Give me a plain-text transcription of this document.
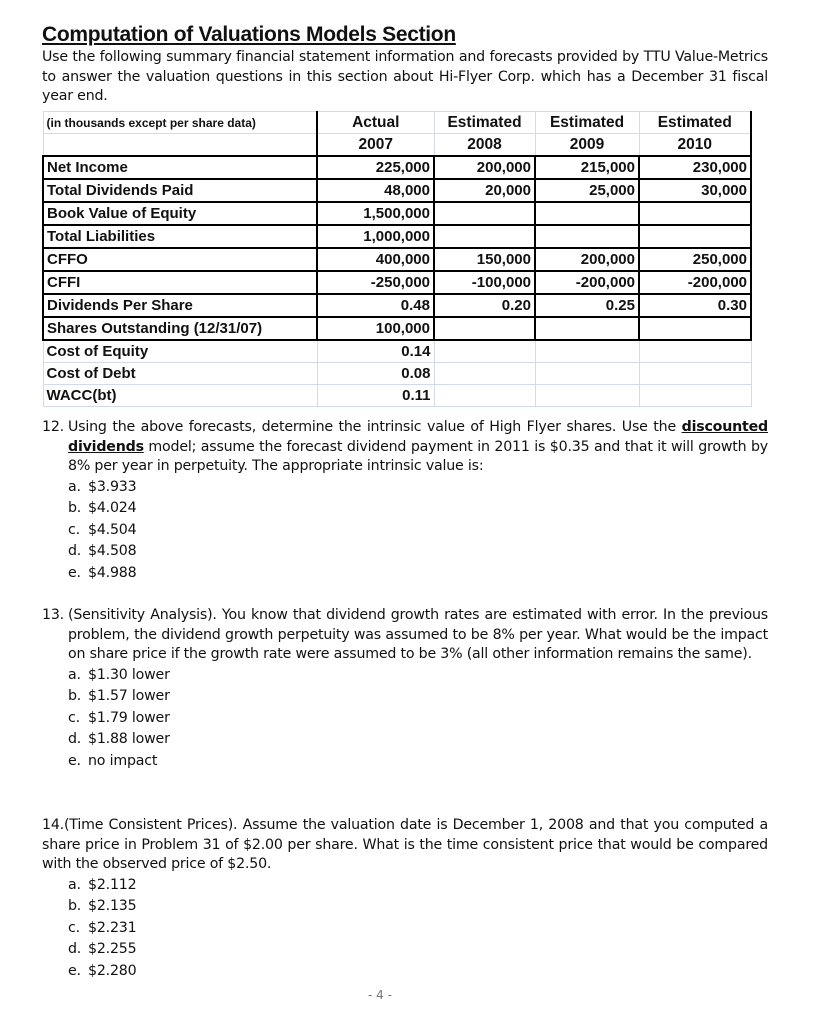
Computation of Valuations Models Section

Use the following summary financial statement information and forecasts provided by TTU Value-Metrics to answer the valuation questions in this section about Hi-Flyer Corp. which has a December 31 fiscal year end.

(in thousands except per share data)	Actual	Estimated	Estimated	Estimated
	2007	2008	2009	2010
Net Income	225,000	200,000	215,000	230,000
Total Dividends Paid	48,000	20,000	25,000	30,000
Book Value of Equity	1,500,000			
Total Liabilities	1,000,000			
CFFO	400,000	150,000	200,000	250,000
CFFI	-250,000	-100,000	-200,000	-200,000
Dividends Per Share	0.48	0.20	0.25	0.30
Shares Outstanding (12/31/07)	100,000			
Cost of Equity	0.14			
Cost of Debt	0.08			
WACC(bt)	0.11			
12. Using the above forecasts, determine the intrinsic value of High Flyer shares. Use the discounted dividends model; assume the forecast dividend payment in 2011 is $0.35 and that it will growth by 8% per year in perpetuity. The appropriate intrinsic value is:
a. $3.933
b. $4.024
c. $4.504
d. $4.508
e. $4.988
13. (Sensitivity Analysis). You know that dividend growth rates are estimated with error. In the previous problem, the dividend growth perpetuity was assumed to be 8% per year. What would be the impact on share price if the growth rate were assumed to be 3% (all other information remains the same).
a. $1.30 lower
b. $1.57 lower
c. $1.79 lower
d. $1.88 lower
e. no impact
14.(Time Consistent Prices). Assume the valuation date is December 1, 2008 and that you computed a share price in Problem 31 of $2.00 per share. What is the time consistent price that would be compared with the observed price of $2.50.
a. $2.112
b. $2.135
c. $2.231
d. $2.255
e. $2.280
- 4 -
